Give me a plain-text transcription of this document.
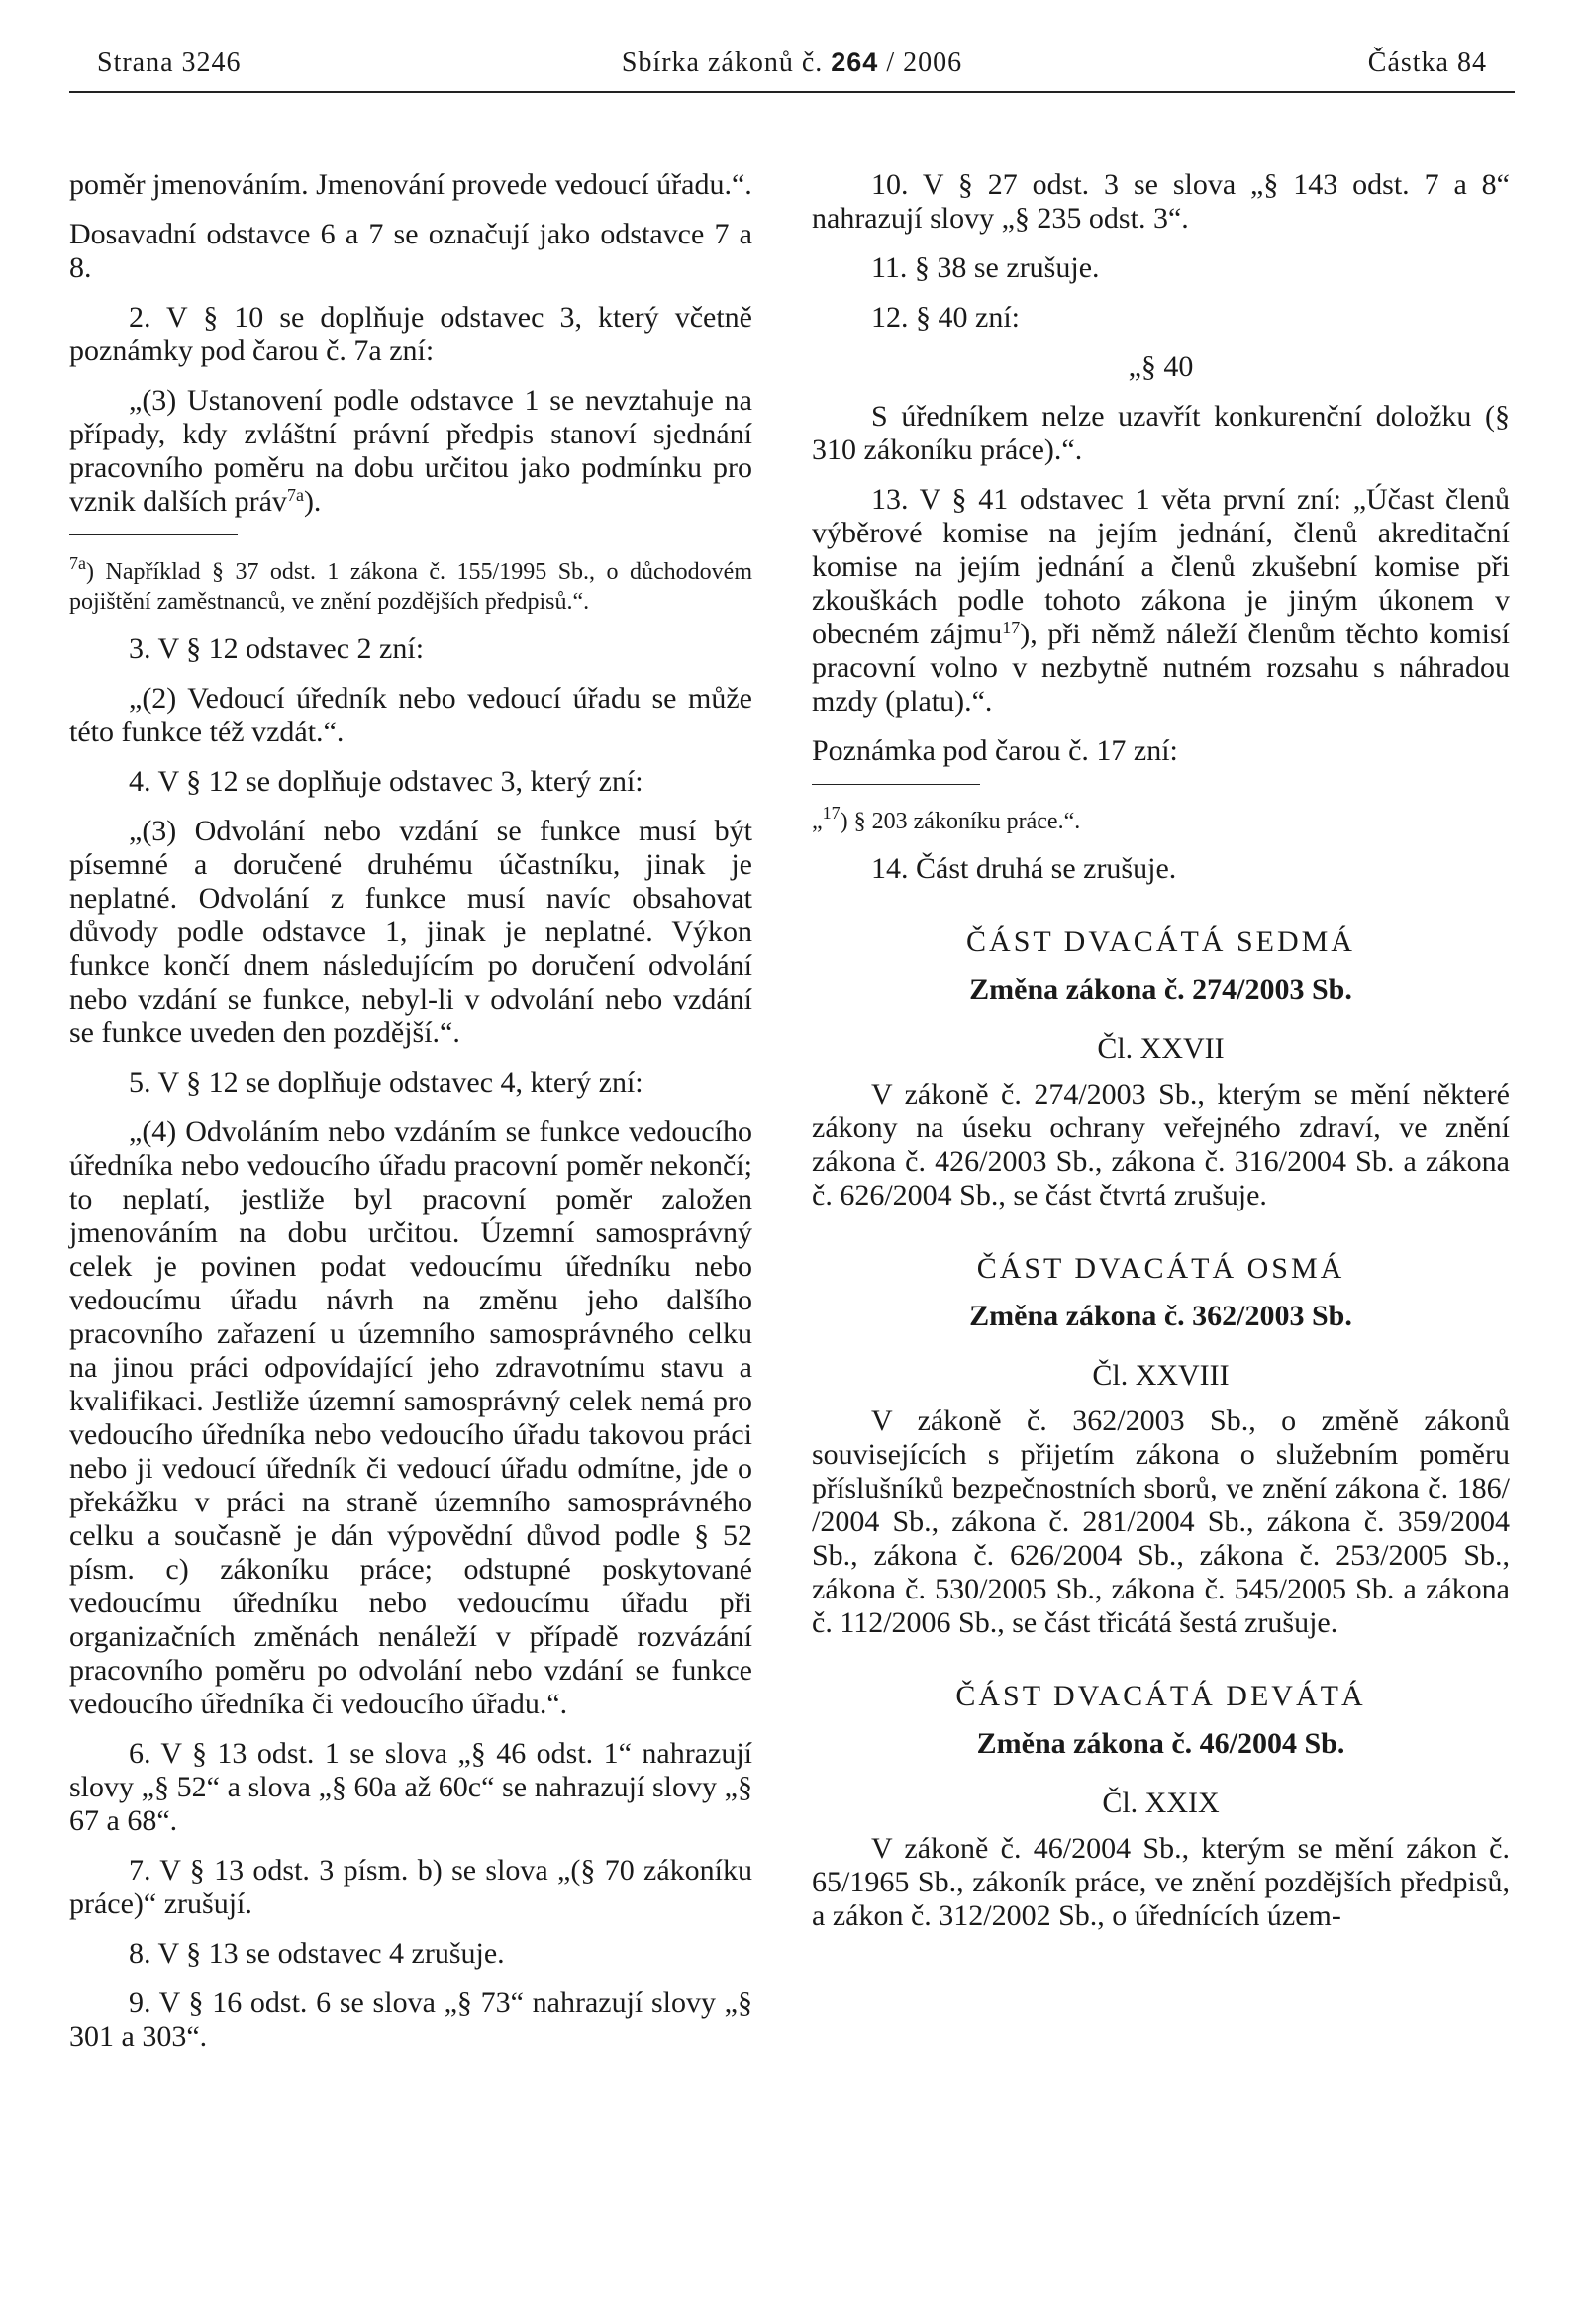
Strana 3246	Sbírka zákonů č. 264 / 2006	Částka 84

poměr jmenováním. Jmenování provede vedoucí úřadu.“.

Dosavadní odstavce 6 a 7 se označují jako odstavce 7 a 8.

2. V § 10 se doplňuje odstavec 3, který včetně poznámky pod čarou č. 7a zní:

„(3) Ustanovení podle odstavce 1 se nevztahuje na případy, kdy zvláštní právní předpis stanoví sjednání pracovního poměru na dobu určitou jako podmínku pro vznik dalších práv$^{7a}$).

$^{7a}$) Například § 37 odst. 1 zákona č. 155/1995 Sb., o důchodovém pojištění zaměstnanců, ve znění pozdějších předpisů.“.

3. V § 12 odstavec 2 zní:

„(2) Vedoucí úředník nebo vedoucí úřadu se může této funkce též vzdát.“.

4. V § 12 se doplňuje odstavec 3, který zní:

„(3) Odvolání nebo vzdání se funkce musí být písemné a doručené druhému účastníku, jinak je neplatné. Odvolání z funkce musí navíc obsahovat důvody podle odstavce 1, jinak je neplatné. Výkon funkce končí dnem následujícím po doručení odvolání nebo vzdání se funkce, nebyl-li v odvolání nebo vzdání se funkce uveden den pozdější.“.

5. V § 12 se doplňuje odstavec 4, který zní:

„(4) Odvoláním nebo vzdáním se funkce vedoucího úředníka nebo vedoucího úřadu pracovní poměr nekončí; to neplatí, jestliže byl pracovní poměr založen jmenováním na dobu určitou. Územní samosprávný celek je povinen podat vedoucímu úředníku nebo vedoucímu úřadu návrh na změnu jeho dalšího pracovního zařazení u územního samosprávného celku na jinou práci odpovídající jeho zdravotnímu stavu a kvalifikaci. Jestliže územní samosprávný celek nemá pro vedoucího úředníka nebo vedoucího úřadu takovou práci nebo ji vedoucí úředník či vedoucí úřadu odmítne, jde o překážku v práci na straně územního samosprávného celku a současně je dán výpovědní důvod podle § 52 písm. c) zákoníku práce; odstupné poskytované vedoucímu úředníku nebo vedoucímu úřadu při organizačních změnách nenáleží v případě rozvázání pracovního poměru po odvolání nebo vzdání se funkce vedoucího úředníka či vedoucího úřadu.“.

6. V § 13 odst. 1 se slova „§ 46 odst. 1“ nahrazují slovy „§ 52“ a slova „§ 60a až 60c“ se nahrazují slovy „§ 67 a 68“.

7. V § 13 odst. 3 písm. b) se slova „(§ 70 zákoníku práce)“ zrušují.

8. V § 13 se odstavec 4 zrušuje.

9. V § 16 odst. 6 se slova „§ 73“ nahrazují slovy „§ 301 a 303“.

10. V § 27 odst. 3 se slova „§ 143 odst. 7 a 8“ nahrazují slovy „§ 235 odst. 3“.

11. § 38 se zrušuje.

12. § 40 zní:

„§ 40

S úředníkem nelze uzavřít konkurenční doložku (§ 310 zákoníku práce).“.

13. V § 41 odstavec 1 věta první zní: „Účast členů výběrové komise na jejím jednání, členů akreditační komise na jejím jednání a členů zkušební komise při zkouškách podle tohoto zákona je jiným úkonem v obecném zájmu$^{17}$), při němž náleží členům těchto komisí pracovní volno v nezbytně nutném rozsahu s náhradou mzdy (platu).“.

Poznámka pod čarou č. 17 zní:

„$^{17}$) § 203 zákoníku práce.“.

14. Část druhá se zrušuje.

ČÁST DVACÁTÁ SEDMÁ

Změna zákona č. 274/2003 Sb.

Čl. XXVII

V zákoně č. 274/2003 Sb., kterým se mění některé zákony na úseku ochrany veřejného zdraví, ve znění zákona č. 426/2003 Sb., zákona č. 316/2004 Sb. a zákona č. 626/2004 Sb., se část čtvrtá zrušuje.

ČÁST DVACÁTÁ OSMÁ

Změna zákona č. 362/2003 Sb.

Čl. XXVIII

V zákoně č. 362/2003 Sb., o změně zákonů souvisejících s přijetím zákona o služebním poměru příslušníků bezpečnostních sborů, ve znění zákona č. 186/ /2004 Sb., zákona č. 281/2004 Sb., zákona č. 359/2004 Sb., zákona č. 626/2004 Sb., zákona č. 253/2005 Sb., zákona č. 530/2005 Sb., zákona č. 545/2005 Sb. a zákona č. 112/2006 Sb., se část třicátá šestá zrušuje.

ČÁST DVACÁTÁ DEVÁTÁ

Změna zákona č. 46/2004 Sb.

Čl. XXIX

V zákoně č. 46/2004 Sb., kterým se mění zákon č. 65/1965 Sb., zákoník práce, ve znění pozdějších předpisů, a zákon č. 312/2002 Sb., o úřednících územ-
